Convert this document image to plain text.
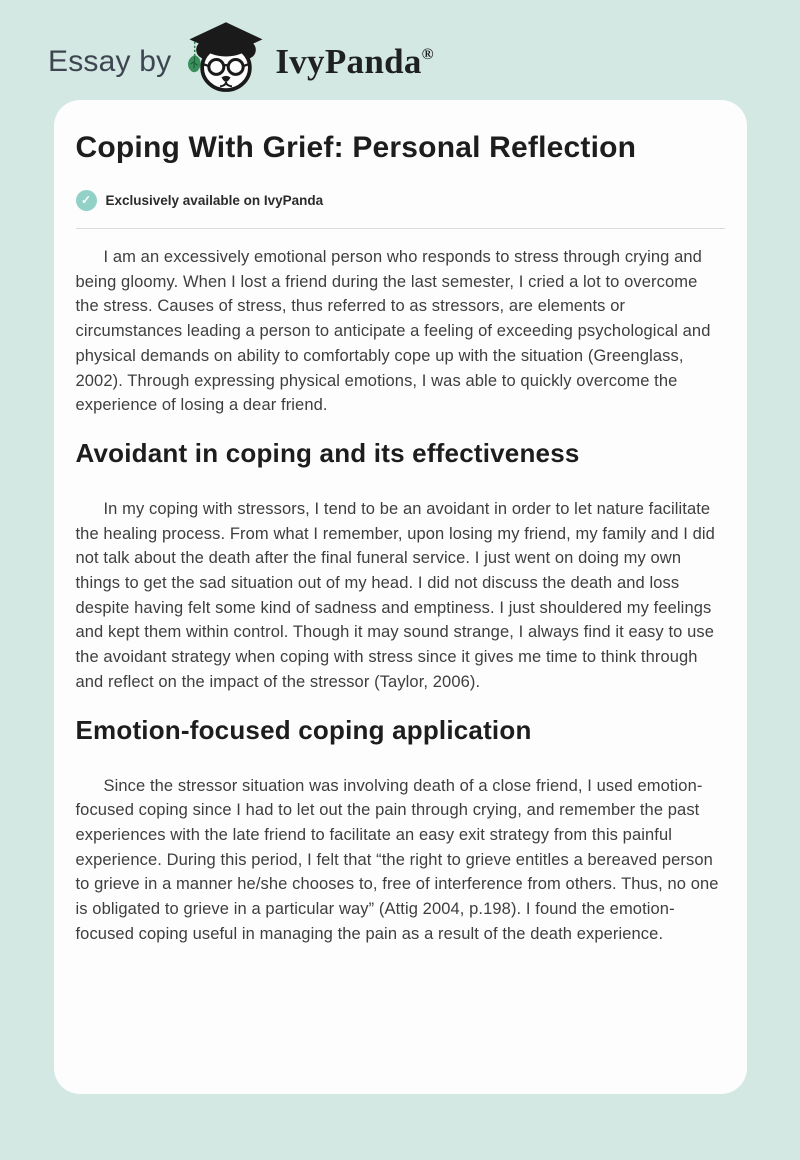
Essay by	IvyPanda®
Coping With Grief: Personal Reflection
✓	Exclusively available on IvyPanda

I am an excessively emotional person who responds to stress through crying and being gloomy. When I lost a friend during the last semester, I cried a lot to overcome the stress. Causes of stress, thus referred to as stressors, are elements or circumstances leading a person to anticipate a feeling of exceeding psychological and physical demands on ability to comfortably cope up with the situation (Greenglass, 2002). Through expressing physical emotions, I was able to quickly overcome the experience of losing a dear friend.

Avoidant in coping and its effectiveness

In my coping with stressors, I tend to be an avoidant in order to let nature facilitate the healing process. From what I remember, upon losing my friend, my family and I did not talk about the death after the final funeral service. I just went on doing my own things to get the sad situation out of my head. I did not discuss the death and loss despite having felt some kind of sadness and emptiness. I just shouldered my feelings and kept them within control. Though it may sound strange, I always find it easy to use the avoidant strategy when coping with stress since it gives me time to think through and reflect on the impact of the stressor (Taylor, 2006).

Emotion-focused coping application

Since the stressor situation was involving death of a close friend, I used emotion-focused coping since I had to let out the pain through crying, and remember the past experiences with the late friend to facilitate an easy exit strategy from this painful experience. During this period, I felt that “the right to grieve entitles a bereaved person to grieve in a manner he/she chooses to, free of interference from others. Thus, no one is obligated to grieve in a particular way” (Attig 2004, p.198). I found the emotion-focused coping useful in managing the pain as a result of the death experience.
